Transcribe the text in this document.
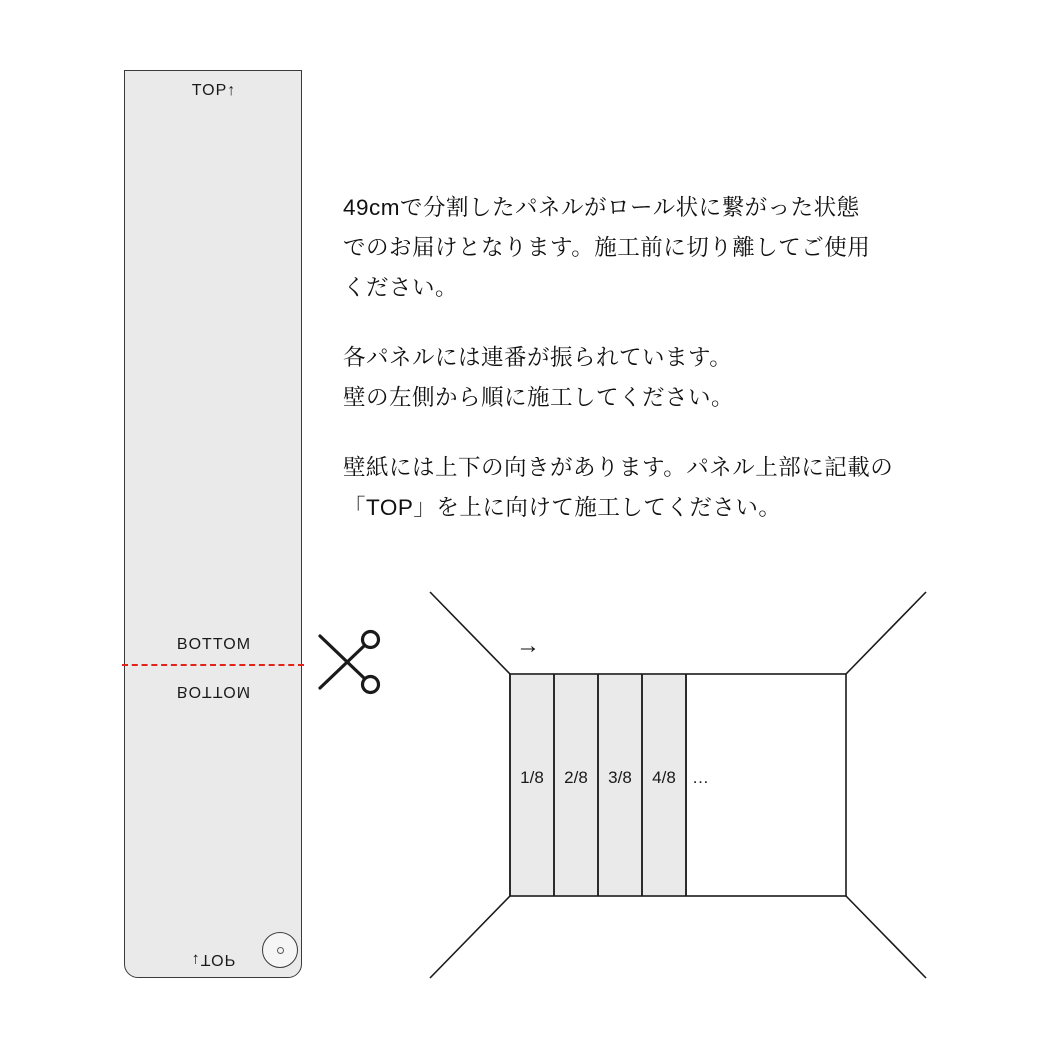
TOP↑
BOTTOM
BOTTOM
↓TOP

49cmで分割したパネルがロール状に繋がった状態
でのお届けとなります。施工前に切り離してご使用
ください。

各パネルには連番が振られています。
壁の左側から順に施工してください。

壁紙には上下の向きがあります。パネル上部に記載の
「TOP」を上に向けて施工してください。

→
1/8	2/8	3/8	4/8 …
